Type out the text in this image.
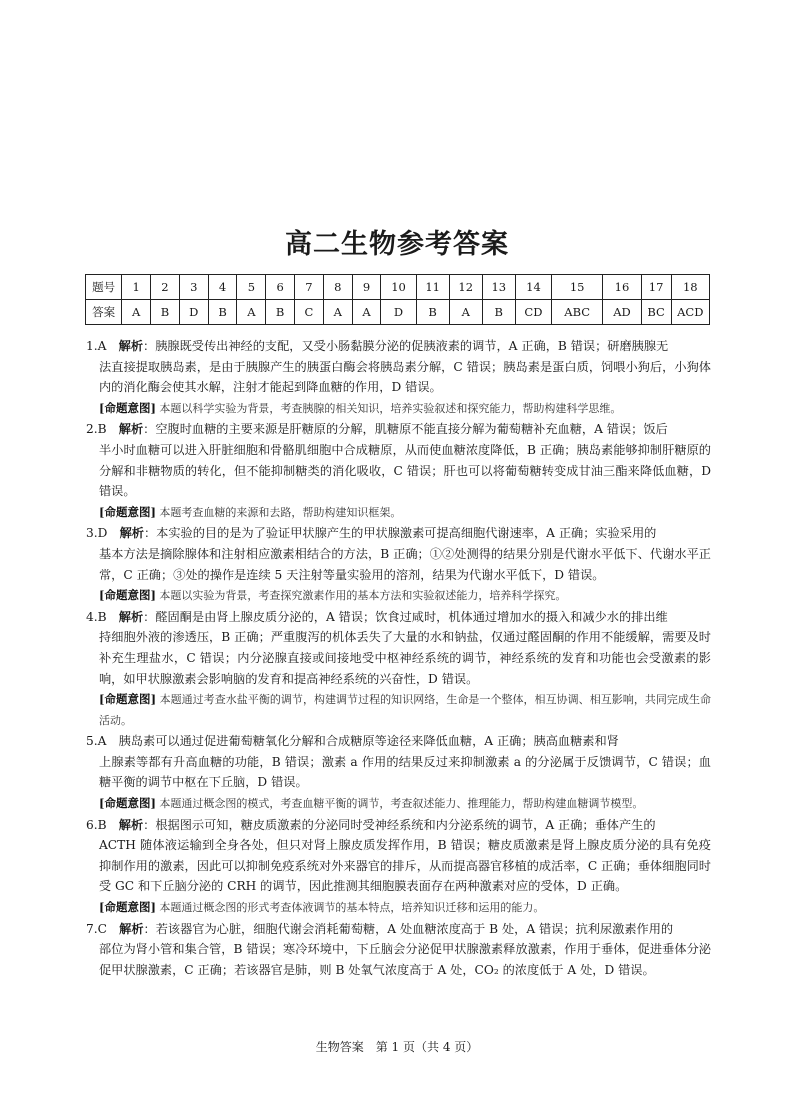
高二生物参考答案
题号	1	2	3	4	5	6	7	8	9	10	11	12	13	14	15	16	17	18
答案	A	B	D	B	A	B	C	A	A	D	B	A	B	CD	ABC	AD	BC	ACD

1.A  解析：胰腺既受传出神经的支配，又受小肠黏膜分泌的促胰液素的调节，A 正确，B 错误；研磨胰腺无

法直接提取胰岛素，是由于胰腺产生的胰蛋白酶会将胰岛素分解，C 错误；胰岛素是蛋白质，饲喂小狗后，小狗体内的消化酶会使其水解，注射才能起到降血糖的作用，D 错误。

[命题意图] 本题以科学实验为背景，考查胰腺的相关知识，培养实验叙述和探究能力，帮助构建科学思维。

2.B  解析：空腹时血糖的主要来源是肝糖原的分解，肌糖原不能直接分解为葡萄糖补充血糖，A 错误；饭后

半小时血糖可以进入肝脏细胞和骨骼肌细胞中合成糖原，从而使血糖浓度降低，B 正确；胰岛素能够抑制肝糖原的分解和非糖物质的转化，但不能抑制糖类的消化吸收，C 错误；肝也可以将葡萄糖转变成甘油三酯来降低血糖，D 错误。

[命题意图] 本题考查血糖的来源和去路，帮助构建知识框架。

3.D  解析：本实验的目的是为了验证甲状腺产生的甲状腺激素可提高细胞代谢速率，A 正确；实验采用的

基本方法是摘除腺体和注射相应激素相结合的方法，B 正确；①②处测得的结果分别是代谢水平低下、代谢水平正常，C 正确；③处的操作是连续 5 天注射等量实验用的溶剂，结果为代谢水平低下，D 错误。

[命题意图] 本题以实验为背景，考查探究激素作用的基本方法和实验叙述能力，培养科学探究。

4.B  解析：醛固酮是由肾上腺皮质分泌的，A 错误；饮食过咸时，机体通过增加水的摄入和减少水的排出维

持细胞外液的渗透压，B 正确；严重腹泻的机体丢失了大量的水和钠盐，仅通过醛固酮的作用不能缓解，需要及时补充生理盐水，C 错误；内分泌腺直接或间接地受中枢神经系统的调节，神经系统的发育和功能也会受激素的影响，如甲状腺激素会影响脑的发育和提高神经系统的兴奋性，D 错误。

[命题意图] 本题通过考查水盐平衡的调节，构建调节过程的知识网络，生命是一个整体，相互协调、相互影响，共同完成生命活动。

5.A  胰岛素可以通过促进葡萄糖氧化分解和合成糖原等途径来降低血糖，A 正确；胰高血糖素和肾

上腺素等都有升高血糖的功能，B 错误；激素 a 作用的结果反过来抑制激素 a 的分泌属于反馈调节，C 错误；血糖平衡的调节中枢在下丘脑，D 错误。

[命题意图] 本题通过概念图的模式，考查血糖平衡的调节，考查叙述能力、推理能力，帮助构建血糖调节模型。

6.B  解析：根据图示可知，糖皮质激素的分泌同时受神经系统和内分泌系统的调节，A 正确；垂体产生的

ACTH 随体液运输到全身各处，但只对肾上腺皮质发挥作用，B 错误；糖皮质激素是肾上腺皮质分泌的具有免疫抑制作用的激素，因此可以抑制免疫系统对外来器官的排斥，从而提高器官移植的成活率，C 正确；垂体细胞同时受 GC 和下丘脑分泌的 CRH 的调节，因此推测其细胞膜表面存在两种激素对应的受体，D 正确。

[命题意图] 本题通过概念图的形式考查体液调节的基本特点，培养知识迁移和运用的能力。

7.C  解析：若该器官为心脏，细胞代谢会消耗葡萄糖，A 处血糖浓度高于 B 处，A 错误；抗利尿激素作用的

部位为肾小管和集合管，B 错误；寒冷环境中，下丘脑会分泌促甲状腺激素释放激素，作用于垂体，促进垂体分泌促甲状腺激素，C 正确；若该器官是肺，则 B 处氧气浓度高于 A 处，CO₂ 的浓度低于 A 处，D 错误。

生物答案　第 1 页（共 4 页）
